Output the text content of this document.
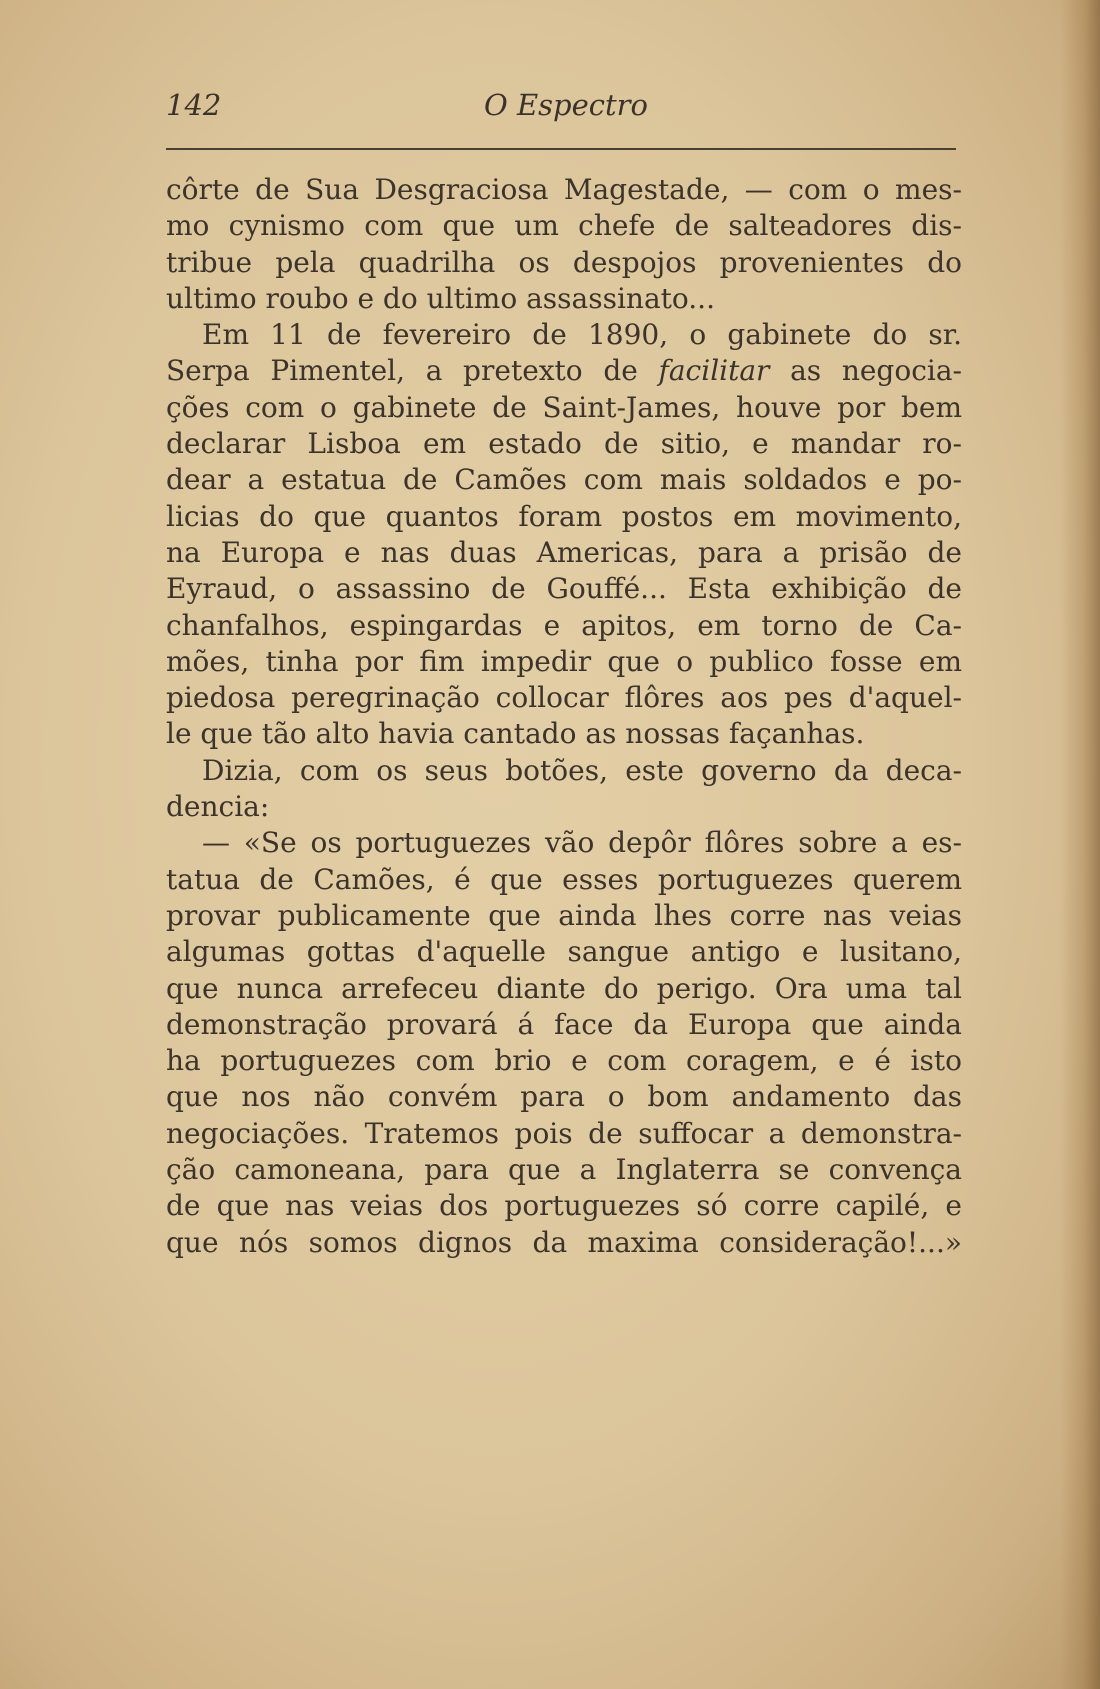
142	O Espectro
côrte de Sua Desgraciosa Magestade, — com o mes-
mo cynismo com que um chefe de salteadores dis-
tribue pela quadrilha os despojos provenientes do
ultimo roubo e do ultimo assassinato...
Em 11 de fevereiro de 1890, o gabinete do sr.
Serpa Pimentel, a pretexto de facilitar as negocia-
ções com o gabinete de Saint-James, houve por bem
declarar Lisboa em estado de sitio, e mandar ro-
dear a estatua de Camões com mais soldados e po-
licias do que quantos foram postos em movimento,
na Europa e nas duas Americas, para a prisão de
Eyraud, o assassino de Gouffé... Esta exhibição de
chanfalhos, espingardas e apitos, em torno de Ca-
mões, tinha por fim impedir que o publico fosse em
piedosa peregrinação collocar flôres aos pes d'aquel-
le que tão alto havia cantado as nossas façanhas.
Dizia, com os seus botões, este governo da deca-
dencia:
— «Se os portuguezes vão depôr flôres sobre a es-
tatua de Camões, é que esses portuguezes querem
provar publicamente que ainda lhes corre nas veias
algumas gottas d'aquelle sangue antigo e lusitano,
que nunca arrefeceu diante do perigo. Ora uma tal
demonstração provará á face da Europa que ainda
ha portuguezes com brio e com coragem, e é isto
que nos não convém para o bom andamento das
negociações. Tratemos pois de suffocar a demonstra-
ção camoneana, para que a Inglaterra se convença
de que nas veias dos portuguezes só corre capilé, e
que nós somos dignos da maxima consideração!...»
